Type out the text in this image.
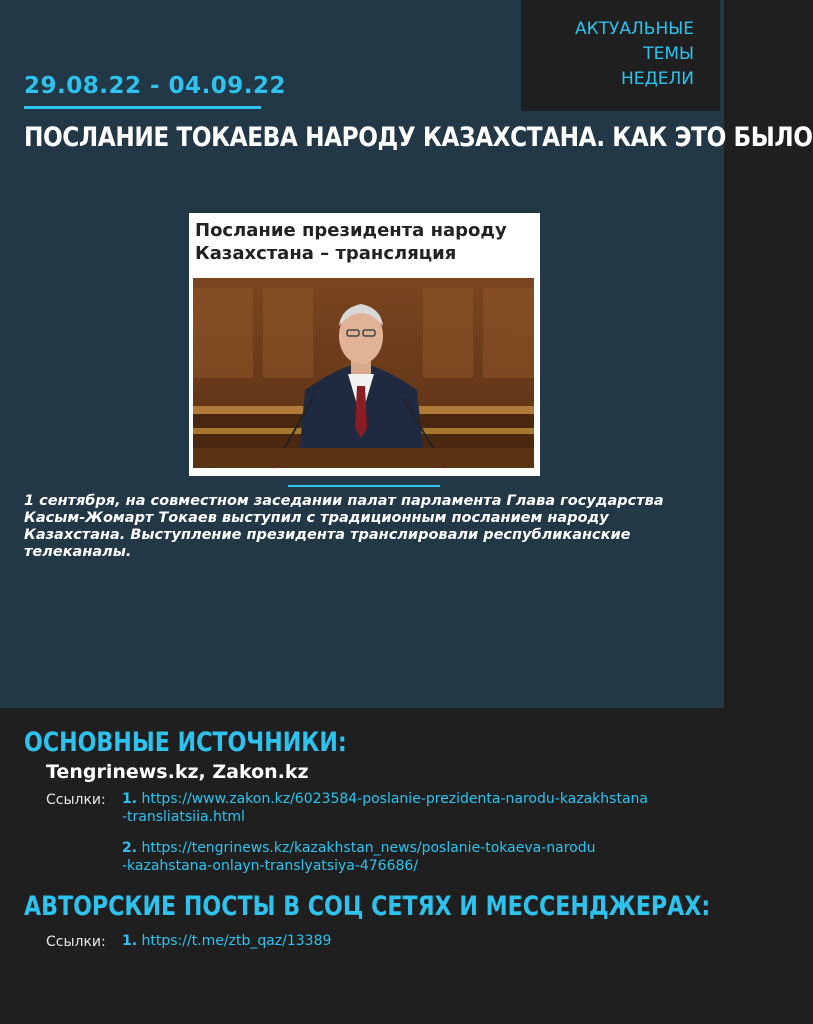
АКТУАЛЬНЫЕ ТЕМЫ
НЕДЕЛИ
29.08.22 - 04.09.22
ПОСЛАНИЕ ТОКАЕВА НАРОДУ КАЗАХСТАНА. КАК ЭТО БЫЛО
Послание президента народу
Казахстана – трансляция
1 сентября, на совместном заседании палат парламента Глава государства Касым-Жомарт Токаев выступил с традиционным посланием народу Казахстана. Выступление президента транслировали республиканские телеканалы.
ОСНОВНЫЕ ИСТОЧНИКИ:
Tengrinews.kz, Zakon.kz
Ссылки: 1. https://www.zakon.kz/6023584-poslanie-prezidenta-narodu-kazakhstana
-transliatsiia.html
2. https://tengrinews.kz/kazakhstan_news/poslanie-tokaeva-narodu
-kazahstana-onlayn-translyatsiya-476686/
АВТОРСКИЕ ПОСТЫ В СОЦ СЕТЯХ И МЕССЕНДЖЕРАХ:
Ссылки: 1. https://t.me/ztb_qaz/13389
